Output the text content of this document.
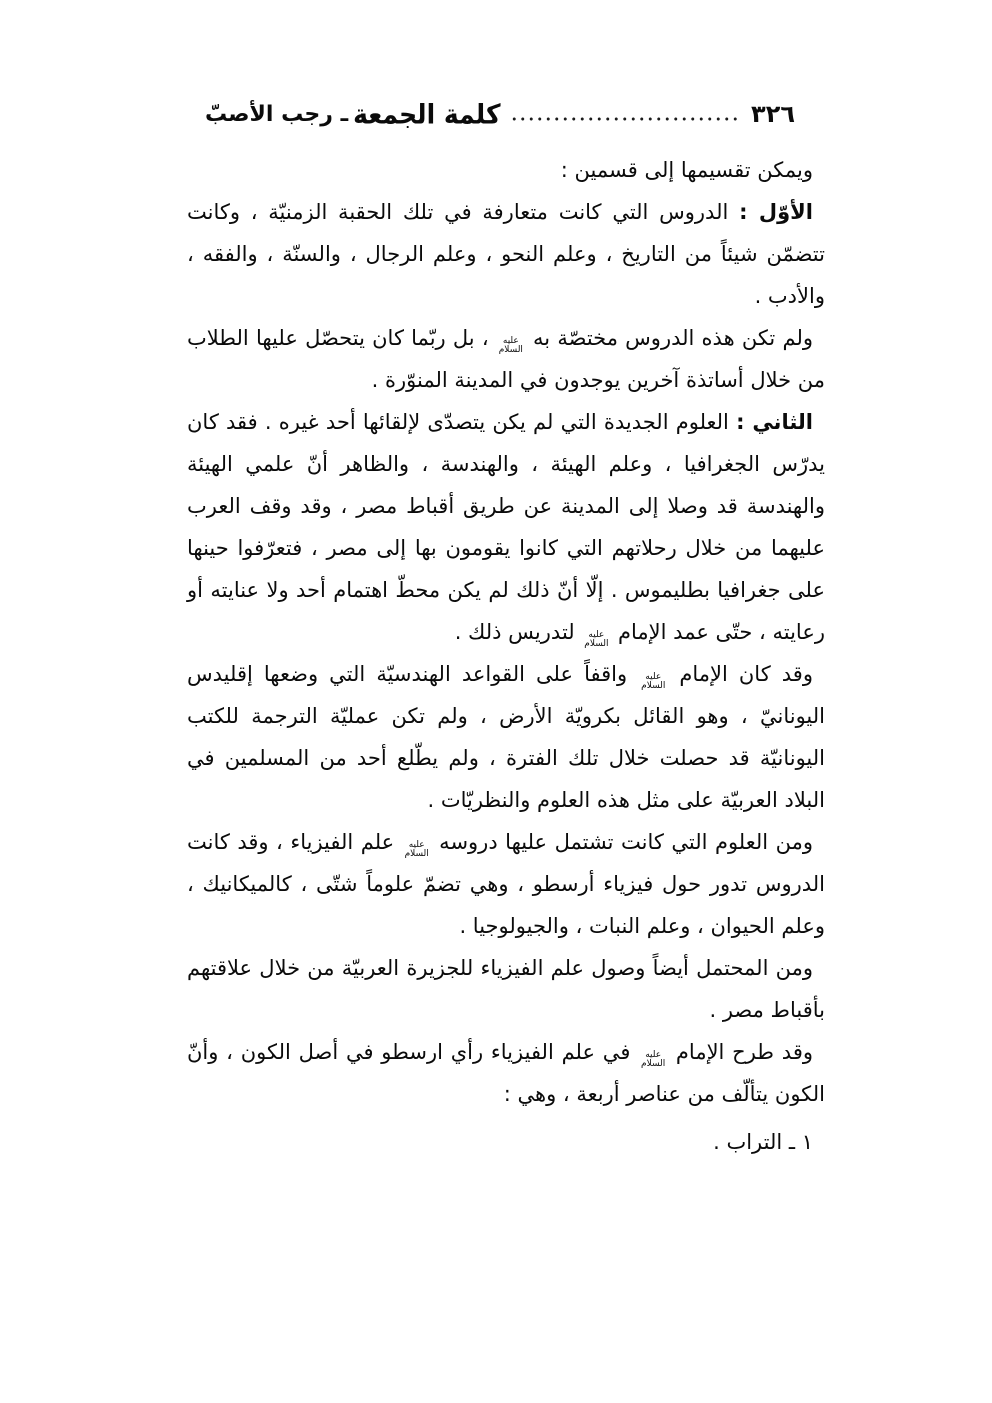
٣٢٦
كلمة الجمعة
ـ رجب الأصبّ

ويمكن تقسيمها إلى قسمين :

الأوّل : الدروس التي كانت متعارفة في تلك الحقبة الزمنيّة ، وكانت تتضمّن شيئاً من التاريخ ، وعلم النحو ، وعلم الرجال ، والسنّة ، والفقه ، والأدب .

ولم تكن هذه الدروس مختصّة به عليه السلام ، بل ربّما كان يتحصّل عليها الطلاب من خلال أساتذة آخرين يوجدون في المدينة المنوّرة .

الثاني : العلوم الجديدة التي لم يكن يتصدّى لإلقائها أحد غيره . فقد كان يدرّس الجغرافيا ، وعلم الهيئة ، والهندسة ، والظاهر أنّ علمي الهيئة والهندسة قد وصلا إلى المدينة عن طريق أقباط مصر ، وقد وقف العرب عليهما من خلال رحلاتهم التي كانوا يقومون بها إلى مصر ، فتعرّفوا حينها على جغرافيا بطليموس . إلّا أنّ ذلك لم يكن محطّ اهتمام أحد ولا عنايته أو رعايته ، حتّى عمد الإمام عليه السلام لتدريس ذلك .

وقد كان الإمام عليه السلام واقفاً على القواعد الهندسيّة التي وضعها إقليدس اليونانيّ ، وهو القائل بكرويّة الأرض ، ولم تكن عمليّة الترجمة للكتب اليونانيّة قد حصلت خلال تلك الفترة ، ولم يطّلع أحد من المسلمين في البلاد العربيّة على مثل هذه العلوم والنظريّات .

ومن العلوم التي كانت تشتمل عليها دروسه عليه السلام علم الفيزياء ، وقد كانت الدروس تدور حول فيزياء أرسطو ، وهي تضمّ علوماً شتّى ، كالميكانيك ، وعلم الحيوان ، وعلم النبات ، والجيولوجيا .

ومن المحتمل أيضاً وصول علم الفيزياء للجزيرة العربيّة من خلال علاقتهم بأقباط مصر .

وقد طرح الإمام عليه السلام في علم الفيزياء رأي ارسطو في أصل الكون ، وأنّ الكون يتألّف من عناصر أربعة ، وهي :

١ ـ التراب .
